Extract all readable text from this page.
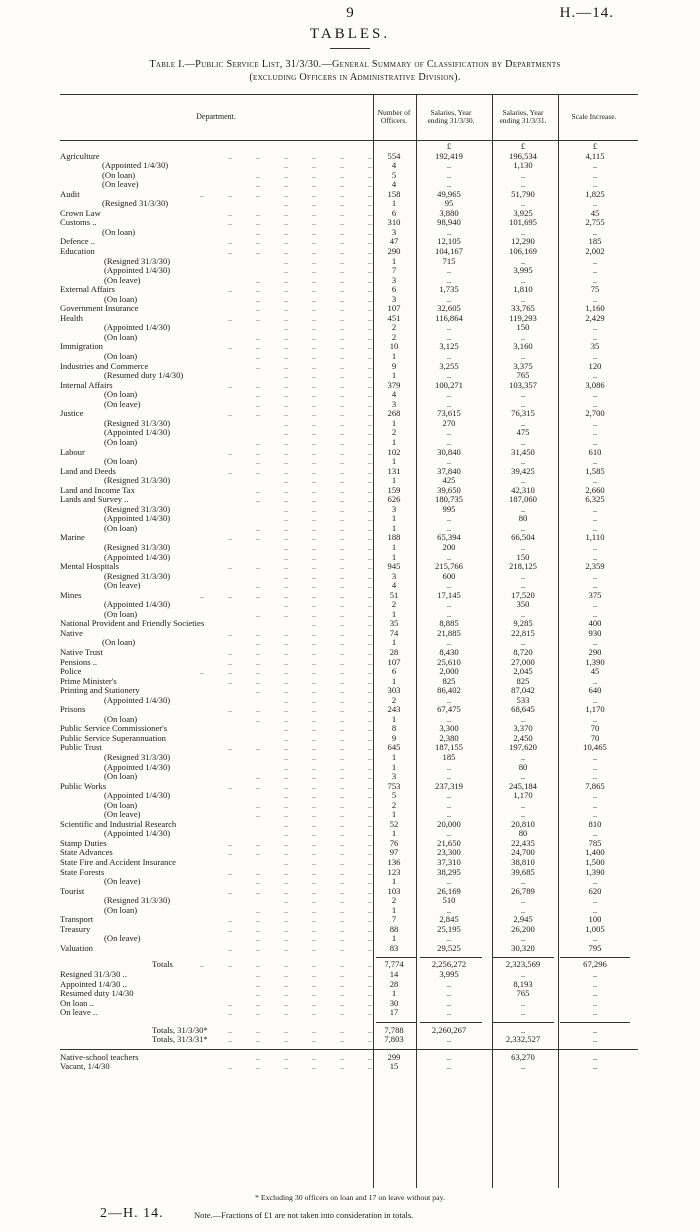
9	H.—14.
TABLES.
Table I.—Public Service List, 31/3/30.—General Summary of Classification by Departments
(excluding Officers in Administrative Division).
Department.	Number of Officers.
Salaries, Year ending 31/3/30.
Salaries, Year ending 31/3/31.	Scale Increase.
£	£	£
Agriculture	..   ..   ..   ..   ..   ..	554	192,419	196,534	4,115
(Appointed 1/4/30)	..   ..   ..   ..	4	..	1,130	..
(On loan)	..   ..   ..   ..   ..	5	..	..	..
(On leave)	..   ..   ..   ..   ..	4	..	..	..
Audit	..   ..   ..   ..   ..   ..   ..	158	49,965	51,790	1,825
(Resigned 31/3/30)	..   ..   ..   ..	1	95	..	..
Crown Law	..   ..   ..   ..   ..   ..	6	3,880	3,925	45
Customs ..	..   ..   ..   ..   ..   ..	310	98,940	101,695	2,755
(On loan)	..   ..   ..   ..   ..	3	..	..	..
Defence ..	..   ..   ..   ..   ..   ..	47	12,105	12,290	185
Education	..   ..   ..   ..   ..   ..	290	104,167	106,169	2,002
(Resigned 31/3/30)	..   ..   ..   ..	1	715	..	..
(Appointed 1/4/30)	..   ..   ..   ..	7	..	3,995	..
(On leave)	..   ..   ..   ..   ..	3	..	..	..
External Affairs	..   ..   ..   ..   ..   ..	6	1,735	1,810	75
(On loan)	..   ..   ..   ..   ..	3	..	..	..
Government Insurance	..   ..   ..   ..   ..	107	32,605	33,765	1,160
Health	..   ..   ..   ..   ..   ..	451	116,864	119,293	2,429
(Appointed 1/4/30)	..   ..   ..   ..	2	..	150	..
(On loan)	..   ..   ..   ..   ..	2	..	..	..
Immigration	..   ..   ..   ..   ..   ..	10	3,125	3,160	35
(On loan)	..   ..   ..   ..   ..	1	..	..	..
Industries and Commerce	..   ..   ..   ..   ..	9	3,255	3,375	120
(Resumed duty 1/4/30)	..   ..   ..   ..	1	..	765	..
Internal Affairs	..   ..   ..   ..   ..   ..	379	100,271	103,357	3,086
(On loan)	..   ..   ..   ..   ..	4	..	..	..
(On leave)	..   ..   ..   ..   ..	3	..	..	..
Justice	..   ..   ..   ..   ..   ..	268	73,615	76,315	2,700
(Resigned 31/3/30)	..   ..   ..   ..	1	270	..	..
(Appointed 1/4/30)	..   ..   ..   ..	2	..	475	..
(On loan)	..   ..   ..   ..   ..	1	..	..	..
Labour	..   ..   ..   ..   ..   ..	102	30,840	31,450	610
(On loan)	..   ..   ..   ..   ..	1	..	..	..
Land and Deeds	..   ..   ..   ..   ..   ..	131	37,840	39,425	1,585
(Resigned 31/3/30)	..   ..   ..   ..	1	425	..	..
Land and Income Tax	..   ..   ..   ..   ..	159	39,650	42,310	2,660
Lands and Survey ..	..   ..   ..   ..   ..	626	180,735	187,060	6,325
(Resigned 31/3/30)	..   ..   ..   ..	3	995	..	..
(Appointed 1/4/30)	..   ..   ..   ..	1	..	80	..
(On loan)	..   ..   ..   ..   ..	1	..	..	..
Marine	..   ..   ..   ..   ..   ..	188	65,394	66,504	1,110
(Resigned 31/3/30)	..   ..   ..   ..	1	200	..	..
(Appointed 1/4/30)	..   ..   ..   ..	1	..	150	..
Mental Hospitals	..   ..   ..   ..   ..   ..	945	215,766	218,125	2,359
(Resigned 31/3/30)	..   ..   ..   ..	3	600	..	..
(On leave)	..   ..   ..   ..   ..	4	..	..	..
Mines	..   ..   ..   ..   ..   ..   ..	51	17,145	17,520	375
(Appointed 1/4/30)	..   ..   ..   ..	2	..	350	..
(On loan)	..   ..   ..   ..   ..	1	..	..	..
National Provident and Friendly Societies	..   ..   ..	35	8,885	9,285	400
Native	..   ..   ..   ..   ..   ..	74	21,885	22,815	930
(On loan)	..   ..   ..   ..   ..	1	..	..	..
Native Trust	..   ..   ..   ..   ..   ..	28	8,430	8,720	290
Pensions ..	..   ..   ..   ..   ..   ..	107	25,610	27,000	1,390
Police	..   ..   ..   ..   ..   ..   ..	6	2,000	2,045	45
Prime Minister's	..   ..   ..   ..   ..   ..	1	825	825	..
Printing and Stationery	..   ..   ..   ..   ..	303	86,402	87,042	640
(Appointed 1/4/30)	..   ..   ..   ..	2	..	533	..
Prisons	..   ..   ..   ..   ..   ..	243	67,475	68,645	1,170
(On loan)	..   ..   ..   ..   ..	1	..	..	..
Public Service Commissioner's	..   ..   ..   ..	8	3,300	3,370	70
Public Service Superannuation	..   ..   ..   ..	9	2,380	2,450	70
Public Trust	..   ..   ..   ..   ..   ..	645	187,155	197,620	10,465
(Resigned 31/3/30)	..   ..   ..   ..	1	185	..	..
(Appointed 1/4/30)	..   ..   ..   ..	1	..	80	..
(On loan)	..   ..   ..   ..   ..	3	..	..	..
Public Works	..   ..   ..   ..   ..   ..	753	237,319	245,184	7,865
(Appointed 1/4/30)	..   ..   ..   ..	5	..	1,170	..
(On loan)	..   ..   ..   ..   ..	2	..	..	..
(On leave)	..   ..   ..   ..   ..	1	..	..	..
Scientific and Industrial Research	..   ..   ..   ..	52	20,000	20,810	810
(Appointed 1/4/30)	..   ..   ..   ..	1	..	80	..
Stamp Duties	..   ..   ..   ..   ..   ..	76	21,650	22,435	785
State Advances	..   ..   ..   ..   ..   ..	97	23,300	24,700	1,400
State Fire and Accident Insurance	..   ..   ..   ..	136	37,310	38,810	1,500
State Forests	..   ..   ..   ..   ..   ..	123	38,295	39,685	1,390
(On leave)	..   ..   ..   ..   ..	1	..	..	..
Tourist	..   ..   ..   ..   ..   ..	103	26,169	26,789	620
(Resigned 31/3/30)	..   ..   ..   ..	2	510	..	..
(On loan)	..   ..   ..   ..   ..	1	..	..	..
Transport	..   ..   ..   ..   ..   ..	7	2,845	2,945	100
Treasury	..   ..   ..   ..   ..   ..	88	25,195	26,200	1,005
(On leave)	..   ..   ..   ..   ..	1	..	..	..
Valuation	..   ..   ..   ..   ..   ..	83	29,525	30,320	795
Totals	..   ..   ..   ..   ..   ..   ..	7,774	2,256,272	2,323,569	67,296
Resigned 31/3/30 ..	..   ..   ..   ..   ..	14	3,995	..	..
Appointed 1/4/30 ..	..   ..   ..   ..   ..	28	..	8,193	..
Resumed duty 1/4/30	..   ..   ..   ..   ..	1	..	765	..
On loan ..	..   ..   ..   ..   ..   ..	30	..	..	..
On leave ..	..   ..   ..   ..   ..   ..	17	..	..	..
Totals, 31/3/30*	..   ..   ..   ..   ..   ..	7,788	2,260,267	..	..
Totals, 31/3/31*	..   ..   ..   ..   ..   ..	7,803	..	2,332,527	..
Native-school teachers	..   ..   ..   ..   ..	299	..	63,270	..
Vacant, 1/4/30	..   ..   ..   ..   ..   ..	15	..	..	..
* Excluding 30 officers on loan and 17 on leave without pay.
2—H. 14.	Note.—Fractions of £1 are not taken into consideration in totals.
